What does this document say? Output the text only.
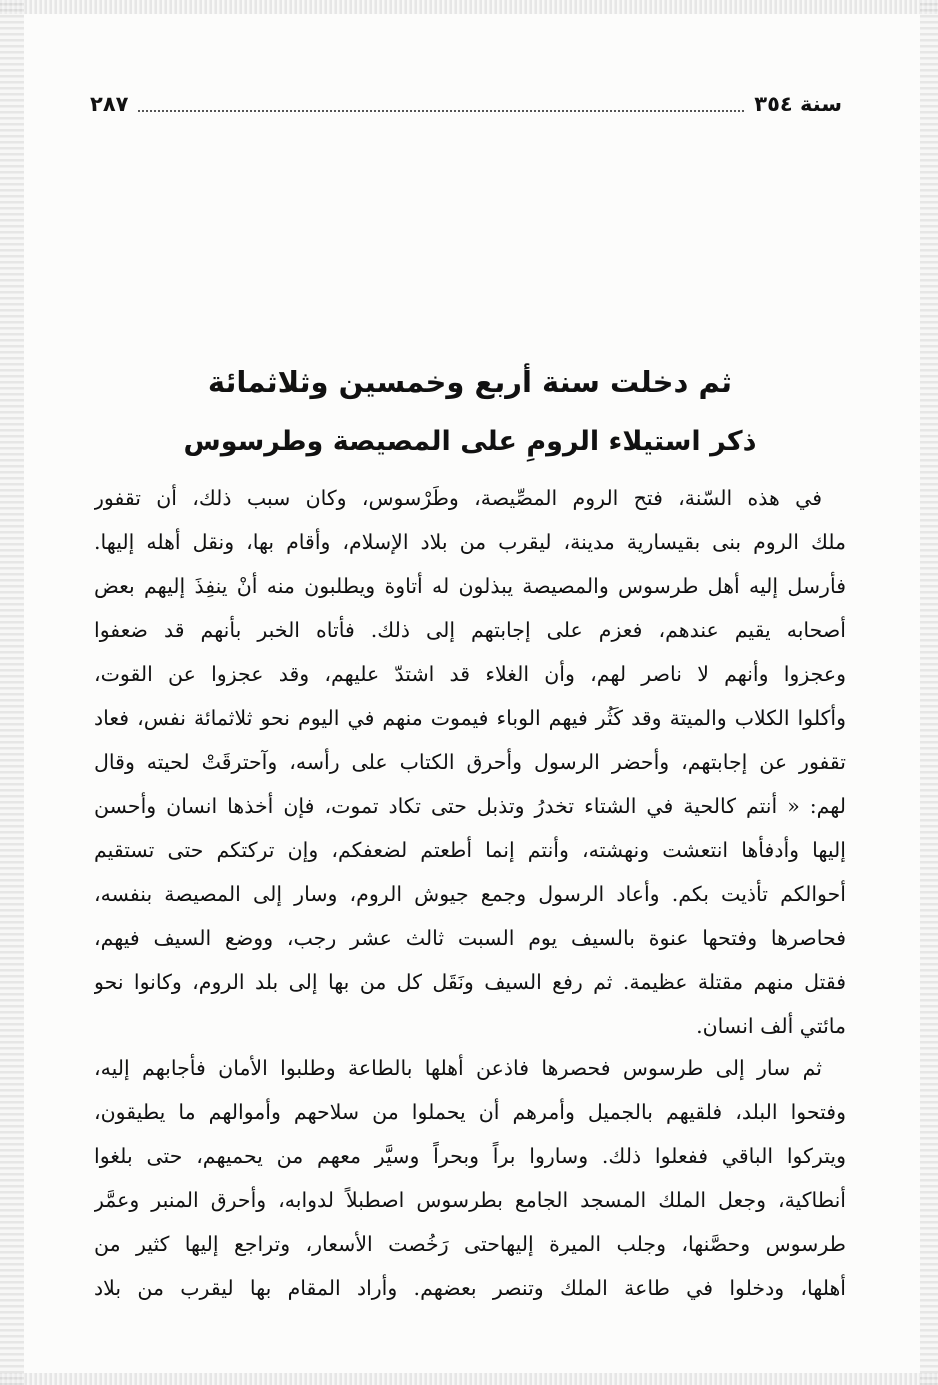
سنة ٣٥٤
٢٨٧
ثم دخلت سنة أربع وخمسين وثلاثمائة
ذكر استيلاء الرومِ على المصيصة وطرسوس
في هذه السّنة، فتح الروم المصِّيصة، وطَرْسوس، وكان سبب ذلك، أن تقفور
ملك الروم بنى بقيسارية مدينة، ليقرب من بلاد الإسلام، وأقام بها، ونقل أهله إليها.
فأرسل إليه أهل طرسوس والمصيصة يبذلون له أتاوة ويطلبون منه أنْ ينفِذَ إليهم بعض
أصحابه يقيم عندهم، فعزم على إجابتهم إلى ذلك. فأتاه الخبر بأنهم قد ضعفوا
وعجزوا وأنهم لا ناصر لهم، وأن الغلاء قد اشتدّ عليهم، وقد عجزوا عن القوت،
وأكلوا الكلاب والميتة وقد كَثُر فيهم الوباء فيموت منهم في اليوم نحو ثلاثمائة نفس، فعاد
تقفور عن إجابتهم، وأحضر الرسول وأحرق الكتاب على رأسه، وآحترقَتْ لحيته وقال
لهم: « أنتم كالحية في الشتاء تخدرُ وتذبل حتى تكاد تموت، فإن أخذها انسان وأحسن
إليها وأدفأها انتعشت ونهشته، وأنتم إنما أطعتم لضعفكم، وإن تركتكم حتى تستقيم
أحوالكم تأذيت بكم. وأعاد الرسول وجمع جيوش الروم، وسار إلى المصيصة بنفسه،
فحاصرها وفتحها عنوة بالسيف يوم السبت ثالث عشر رجب، ووضع السيف فيهم،
فقتل منهم مقتلة عظيمة. ثم رفع السيف ونَقَل كل من بها إلى بلد الروم، وكانوا نحو
مائتي ألف انسان.
ثم سار إلى طرسوس فحصرها فاذعن أهلها بالطاعة وطلبوا الأمان فأجابهم إليه،
وفتحوا البلد، فلقيهم بالجميل وأمرهم أن يحملوا من سلاحهم وأموالهم ما يطيقون،
ويتركوا الباقي ففعلوا ذلك. وساروا براً وبحراً وسيَّر معهم من يحميهم، حتى بلغوا
أنطاكية، وجعل الملك المسجد الجامع بطرسوس اصطبلاً لدوابه، وأحرق المنبر وعمَّر
طرسوس وحصَّنها، وجلب الميرة إليهاحتى رَخُصت الأسعار، وتراجع إليها كثير من
أهلها، ودخلوا في طاعة الملك وتنصر بعضهم. وأراد المقام بها ليقرب من بلاد
